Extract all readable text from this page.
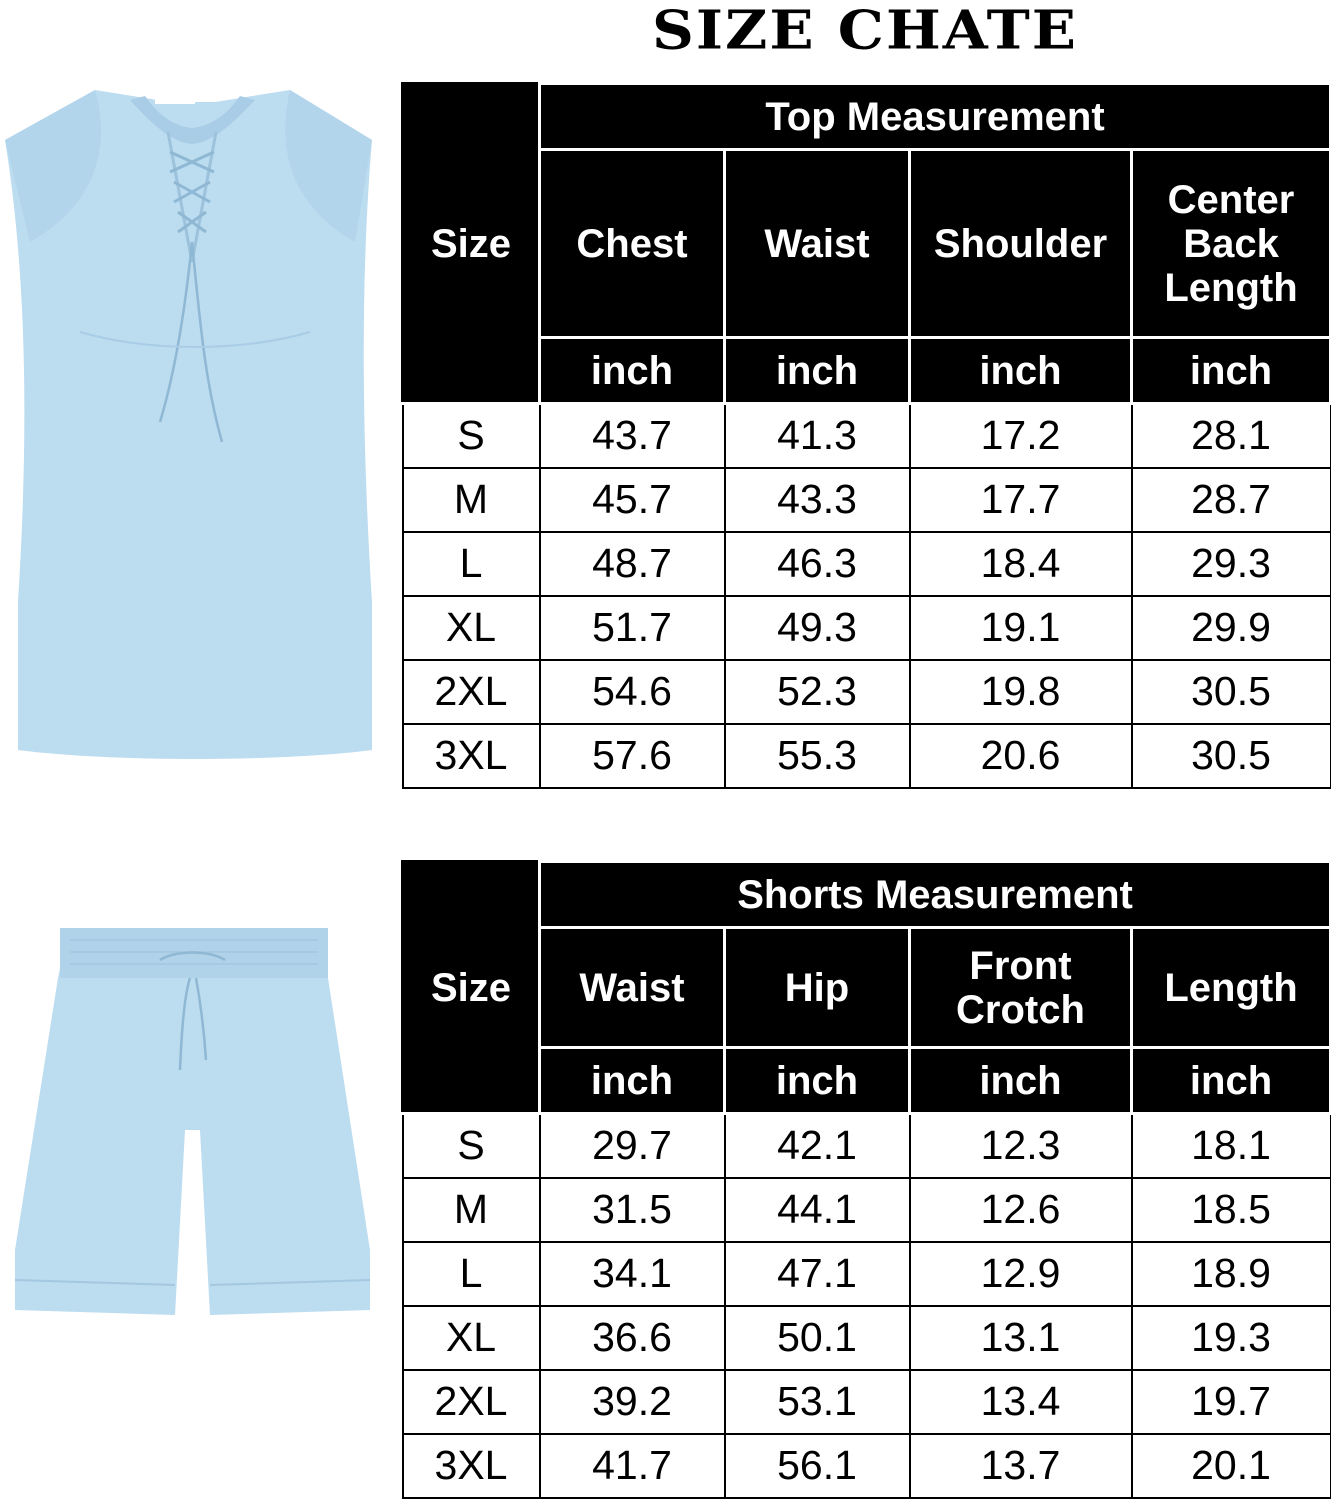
SIZE CHATE
Size	Top Measurement			
	Chest	Waist	Shoulder	Center Back Length
	inch	inch	inch	inch
S	43.7	41.3	17.2	28.1
M	45.7	43.3	17.7	28.7
L	48.7	46.3	18.4	29.3
XL	51.7	49.3	19.1	29.9
2XL	54.6	52.3	19.8	30.5
3XL	57.6	55.3	20.6	30.5
Size	Shorts Measurement			
	Waist	Hip	Front Crotch	Length
	inch	inch	inch	inch
S	29.7	42.1	12.3	18.1
M	31.5	44.1	12.6	18.5
L	34.1	47.1	12.9	18.9
XL	36.6	50.1	13.1	19.3
2XL	39.2	53.1	13.4	19.7
3XL	41.7	56.1	13.7	20.1
